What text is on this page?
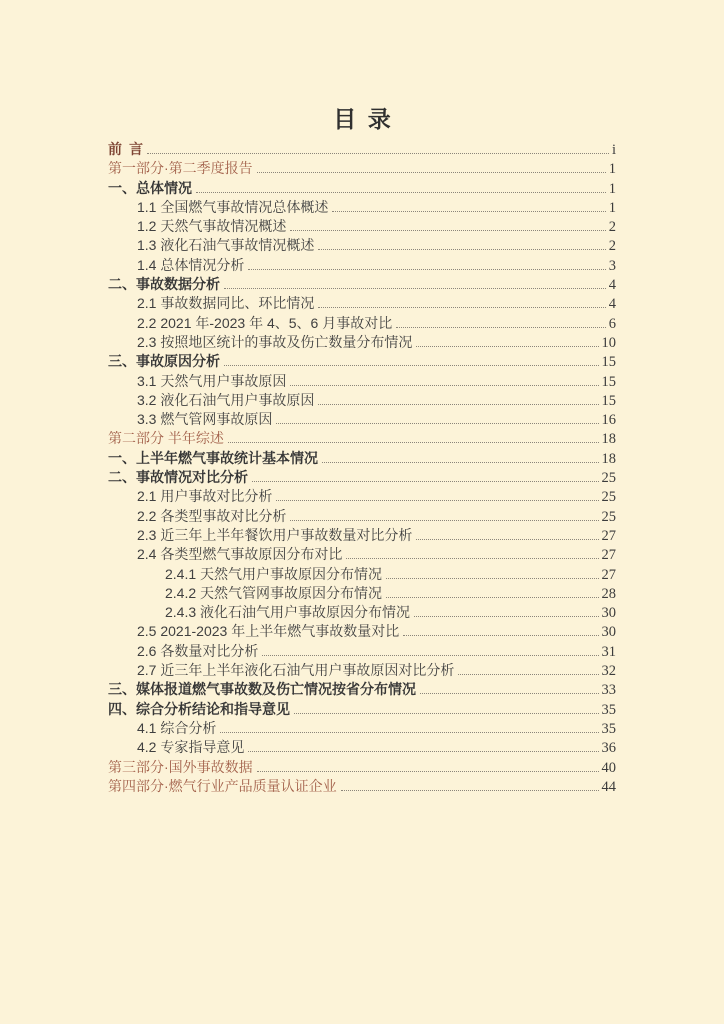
目 录
前 言	i
第一部分·第二季度报告	1
一、总体情况	1
1.1 全国燃气事故情况总体概述	1
1.2 天然气事故情况概述	2
1.3 液化石油气事故情况概述	2
1.4 总体情况分析	3
二、事故数据分析	4
2.1 事故数据同比、环比情况	4
2.2 2021 年-2023 年 4、5、6 月事故对比	6
2.3 按照地区统计的事故及伤亡数量分布情况	10
三、事故原因分析	15
3.1 天然气用户事故原因	15
3.2 液化石油气用户事故原因	15
3.3 燃气管网事故原因	16
第二部分 半年综述	18
一、上半年燃气事故统计基本情况	18
二、事故情况对比分析	25
2.1 用户事故对比分析	25
2.2 各类型事故对比分析	25
2.3 近三年上半年餐饮用户事故数量对比分析	27
2.4 各类型燃气事故原因分布对比	27
2.4.1 天然气用户事故原因分布情况	27
2.4.2 天然气管网事故原因分布情况	28
2.4.3 液化石油气用户事故原因分布情况	30
2.5 2021-2023 年上半年燃气事故数量对比	30
2.6 各数量对比分析	31
2.7 近三年上半年液化石油气用户事故原因对比分析	32
三、媒体报道燃气事故数及伤亡情况按省分布情况	33
四、综合分析结论和指导意见	35
4.1 综合分析	35
4.2 专家指导意见	36
第三部分·国外事故数据	40
第四部分·燃气行业产品质量认证企业	44
